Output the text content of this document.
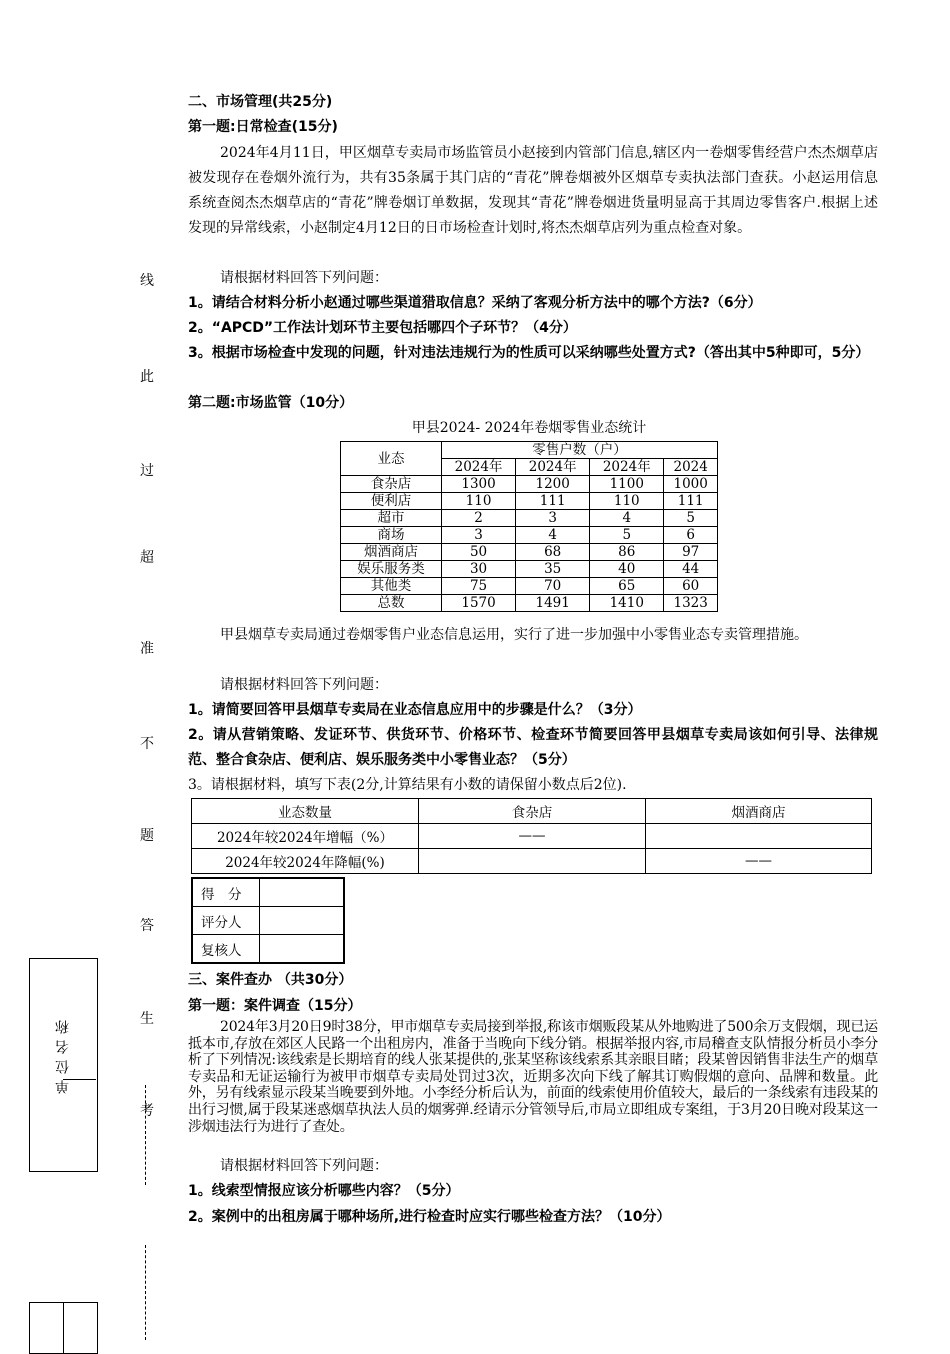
线
此
过
超
准
不
题
答
生
考
单位名称
二、市场管理(共25分)
第一题:日常检查(15分)
2024年4月11日，甲区烟草专卖局市场监管员小赵接到内管部门信息,辖区内一卷烟零售经营户杰杰烟草店被发现存在卷烟外流行为，共有35条属于其门店的“青花”牌卷烟被外区烟草专卖执法部门查获。小赵运用信息系统查阅杰杰烟草店的“青花”牌卷烟订单数据，发现其“青花”牌卷烟进货量明显高于其周边零售客户.根据上述发现的异常线索，小赵制定4月12日的日市场检查计划时,将杰杰烟草店列为重点检查对象。
请根据材料回答下列问题：
1。请结合材料分析小赵通过哪些渠道猎取信息？采纳了客观分析方法中的哪个方法?（6分）
2。“APCD”工作法计划环节主要包括哪四个子环节？（4分）
3。根据市场检查中发现的问题，针对违法违规行为的性质可以采纳哪些处置方式?（答出其中5种即可，5分）
第二题:市场监管（10分）
甲县2024- 2024年卷烟零售业态统计
业态	零售户数（户）			
	2024年	2024年	2024年	2024
食杂店	1300	1200	1100	1000
便利店	110	111	110	111
超市	2	3	4	5
商场	3	4	5	6
烟酒商店	50	68	86	97
娱乐服务类	30	35	40	44
其他类	75	70	65	60
总数	1570	1491	1410	1323
甲县烟草专卖局通过卷烟零售户业态信息运用，实行了进一步加强中小零售业态专卖管理措施。
请根据材料回答下列问题：
1。请简要回答甲县烟草专卖局在业态信息应用中的步骤是什么？（3分）
2。请从营销策略、发证环节、供货环节、价格环节、检查环节简要回答甲县烟草专卖局该如何引导、法律规范、整合食杂店、便利店、娱乐服务类中小零售业态？（5分）
3。请根据材料，填写下表(2分,计算结果有小数的请保留小数点后2位).
业态数量	食杂店	烟酒商店
2024年较2024年增幅（%）	——	
2024年较2024年降幅(%)		——
得　分	
评分人	
复核人	
三、案件查办 （共30分）
第一题：案件调查（15分）
2024年3月20日9时38分，甲市烟草专卖局接到举报,称该市烟贩段某从外地购进了500余万支假烟，现已运抵本市,存放在郊区人民路一个出租房内，准备于当晚向下线分销。根据举报内容,市局稽查支队情报分析员小李分析了下列情况:该线索是长期培育的线人张某提供的,张某坚称该线索系其亲眼目睹；段某曾因销售非法生产的烟草专卖品和无证运输行为被甲市烟草专卖局处罚过3次，近期多次向下线了解其订购假烟的意向、品牌和数量。此外，另有线索显示段某当晚要到外地。小李经分析后认为，前面的线索使用价值较大，最后的一条线索有违段某的出行习惯,属于段某迷惑烟草执法人员的烟雾弹.经请示分管领导后,市局立即组成专案组，于3月20日晚对段某这一涉烟违法行为进行了查处。
请根据材料回答下列问题：
1。线索型情报应该分析哪些内容？（5分）
2。案例中的出租房属于哪种场所,进行检查时应实行哪些检查方法？（10分）
